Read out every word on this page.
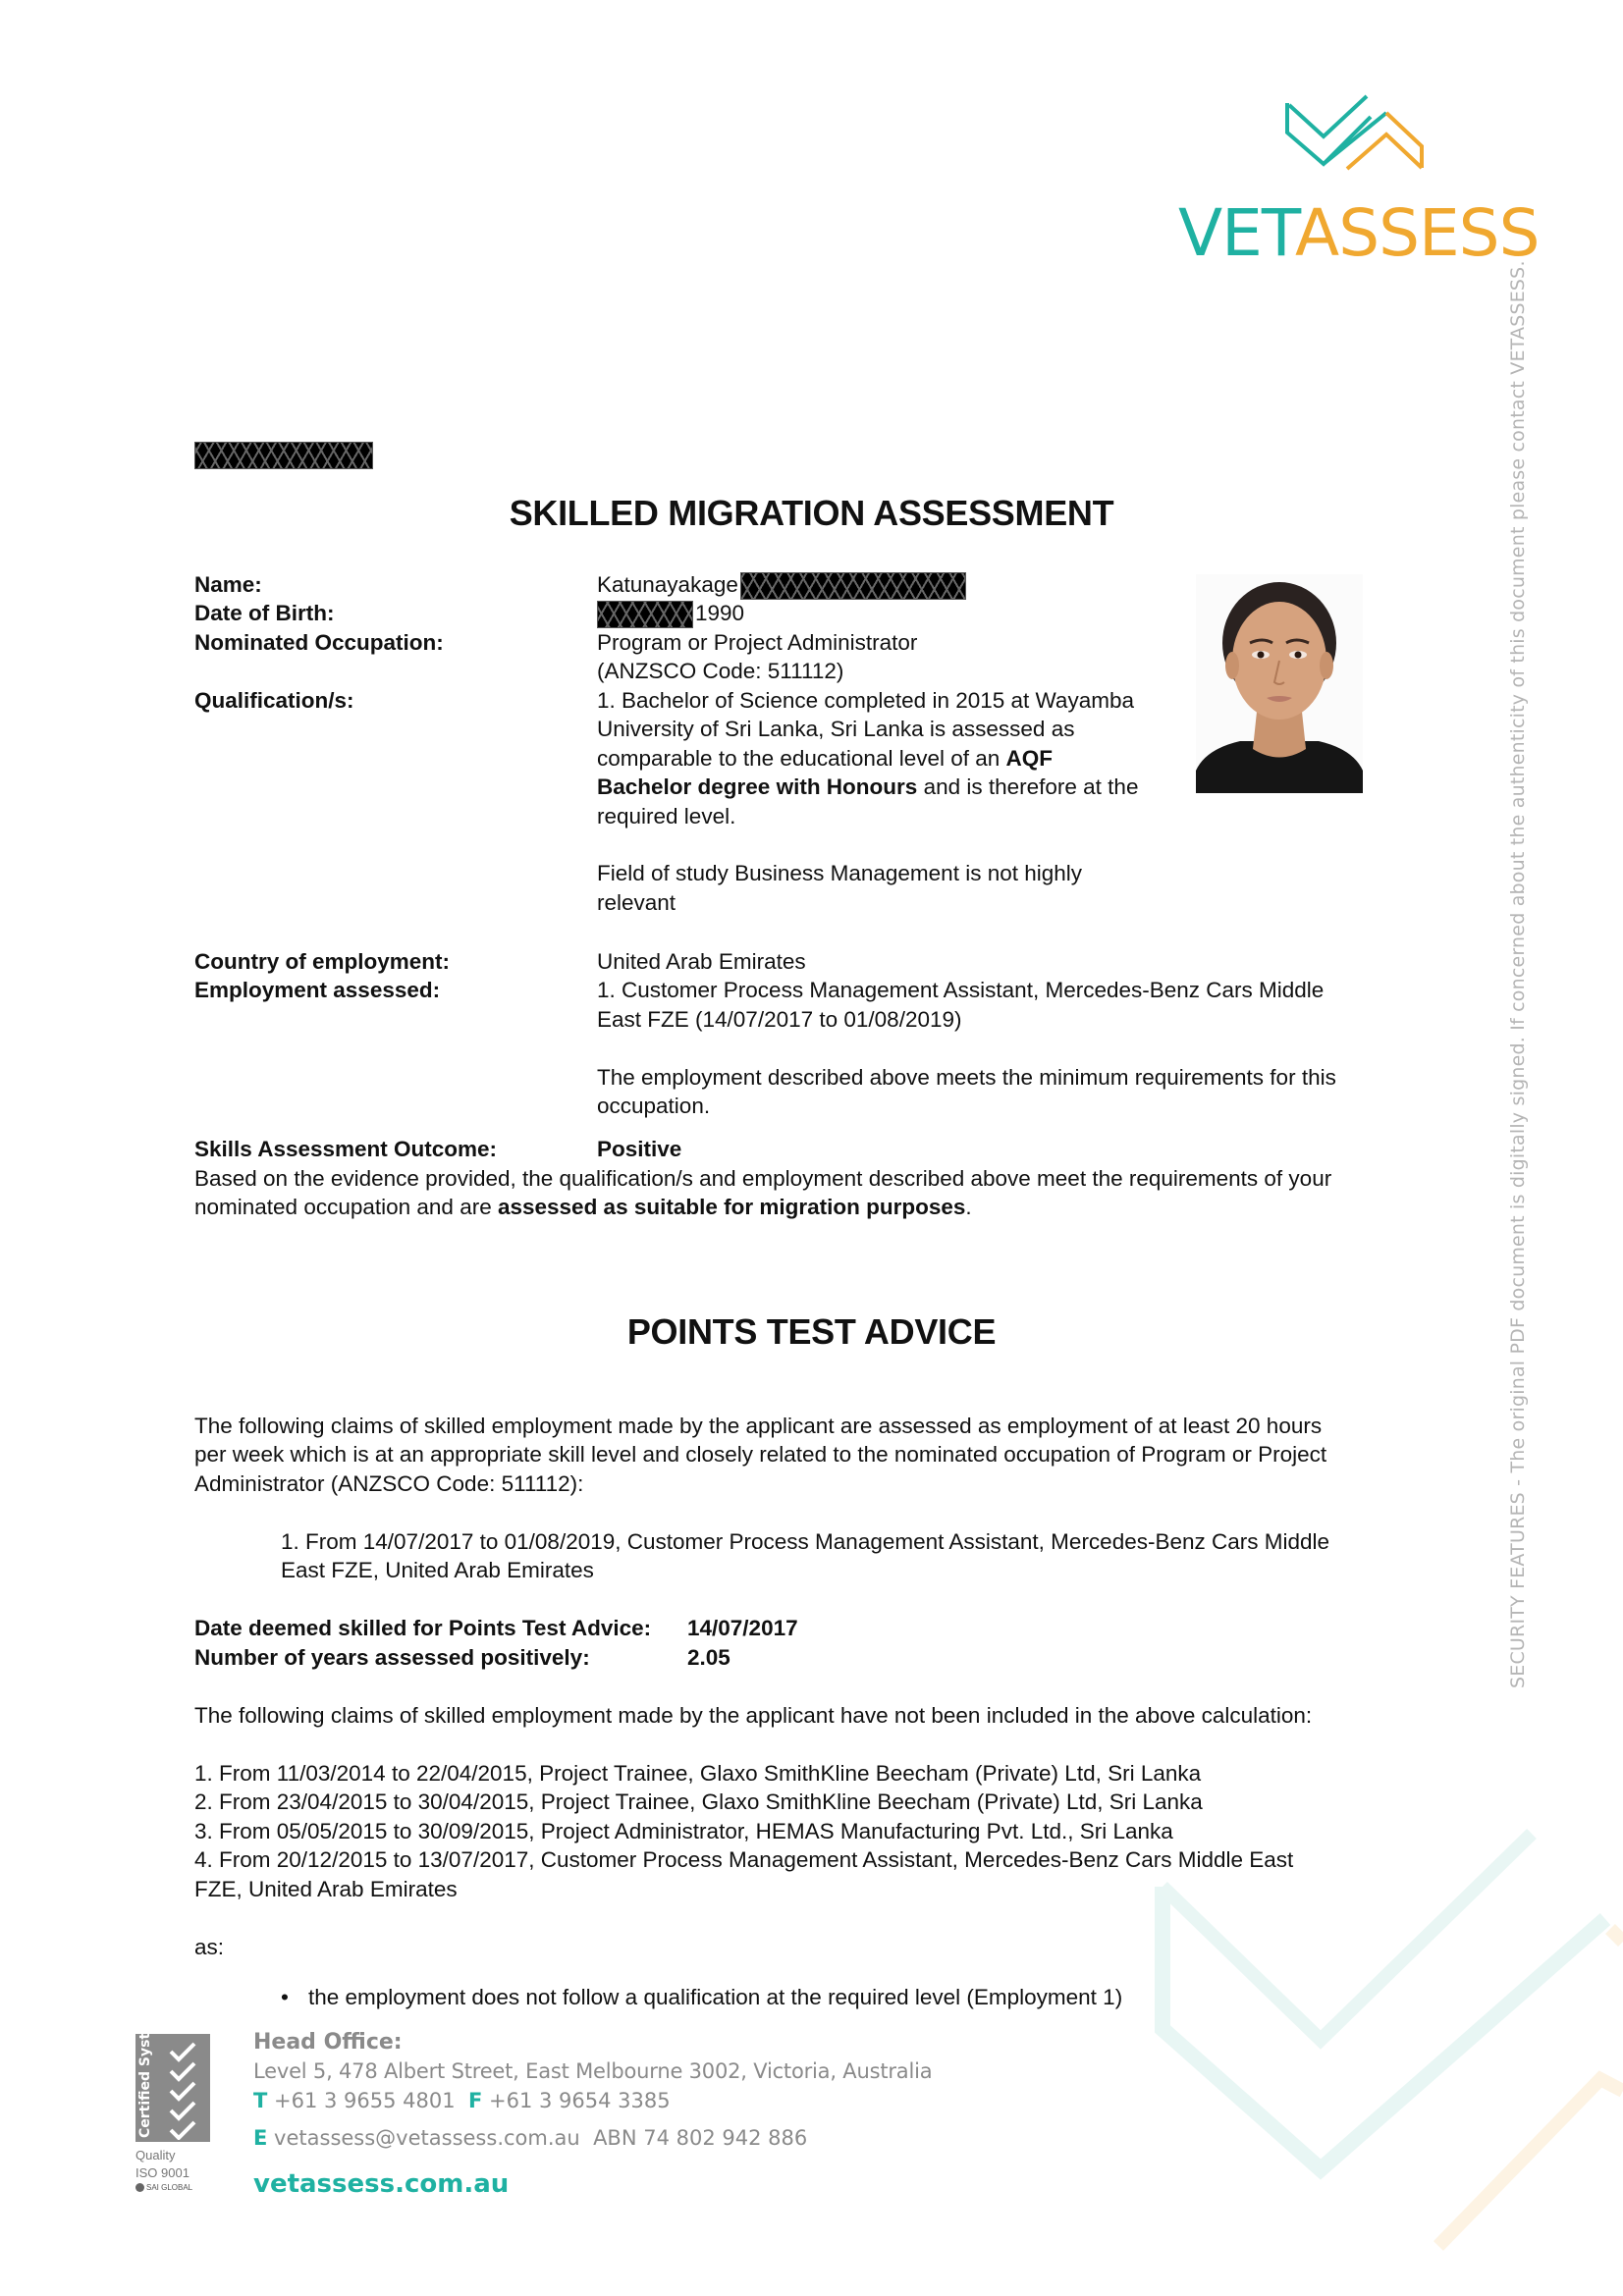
VETASSESS
SECURITY FEATURES - The original PDF document is digitally signed. If concerned about the authenticity of this document please contact VETASSESS.
SKILLED MIGRATION ASSESSMENT
Name:	Katunayakage
Date of Birth:	1990
Nominated Occupation:	Program or Project Administrator
(ANZSCO Code: 511112)
Qualification/s:	1. Bachelor of Science completed in 2015 at Wayamba
University of Sri Lanka, Sri Lanka is assessed as
comparable to the educational level of an AQF
Bachelor degree with Honours and is therefore at the
required level.
Field of study Business Management is not highly
relevant
Country of employment:	United Arab Emirates
Employment assessed:	1. Customer Process Management Assistant, Mercedes-Benz Cars Middle
East FZE (14/07/2017 to 01/08/2019)
The employment described above meets the minimum requirements for this
occupation.
Skills Assessment Outcome:	Positive
Based on the evidence provided, the qualification/s and employment described above meet the requirements of your
nominated occupation and are assessed as suitable for migration purposes.
POINTS TEST ADVICE
The following claims of skilled employment made by the applicant are assessed as employment of at least 20 hours
per week which is at an appropriate skill level and closely related to the nominated occupation of Program or Project
Administrator (ANZSCO Code: 511112):
1. From 14/07/2017 to 01/08/2019, Customer Process Management Assistant, Mercedes-Benz Cars Middle
East FZE, United Arab Emirates
Date deemed skilled for Points Test Advice: 14/07/2017
Number of years assessed positively:	2.05
The following claims of skilled employment made by the applicant have not been included in the above calculation:
1. From 11/03/2014 to 22/04/2015, Project Trainee, Glaxo SmithKline Beecham (Private) Ltd, Sri Lanka
2. From 23/04/2015 to 30/04/2015, Project Trainee, Glaxo SmithKline Beecham (Private) Ltd, Sri Lanka
3. From 05/05/2015 to 30/09/2015, Project Administrator, HEMAS Manufacturing Pvt. Ltd., Sri Lanka
4. From 20/12/2015 to 13/07/2017, Customer Process Management Assistant, Mercedes-Benz Cars Middle East
FZE, United Arab Emirates
as:
• the employment does not follow a qualification at the required level (Employment 1)
Certified System
Quality
ISO 9001
SAI GLOBAL
Head Office:
Level 5, 478 Albert Street, East Melbourne 3002, Victoria, Australia
T +61 3 9655 4801 F +61 3 9654 3385
E vetassess@vetassess.com.au ABN 74 802 942 886
vetassess.com.au
